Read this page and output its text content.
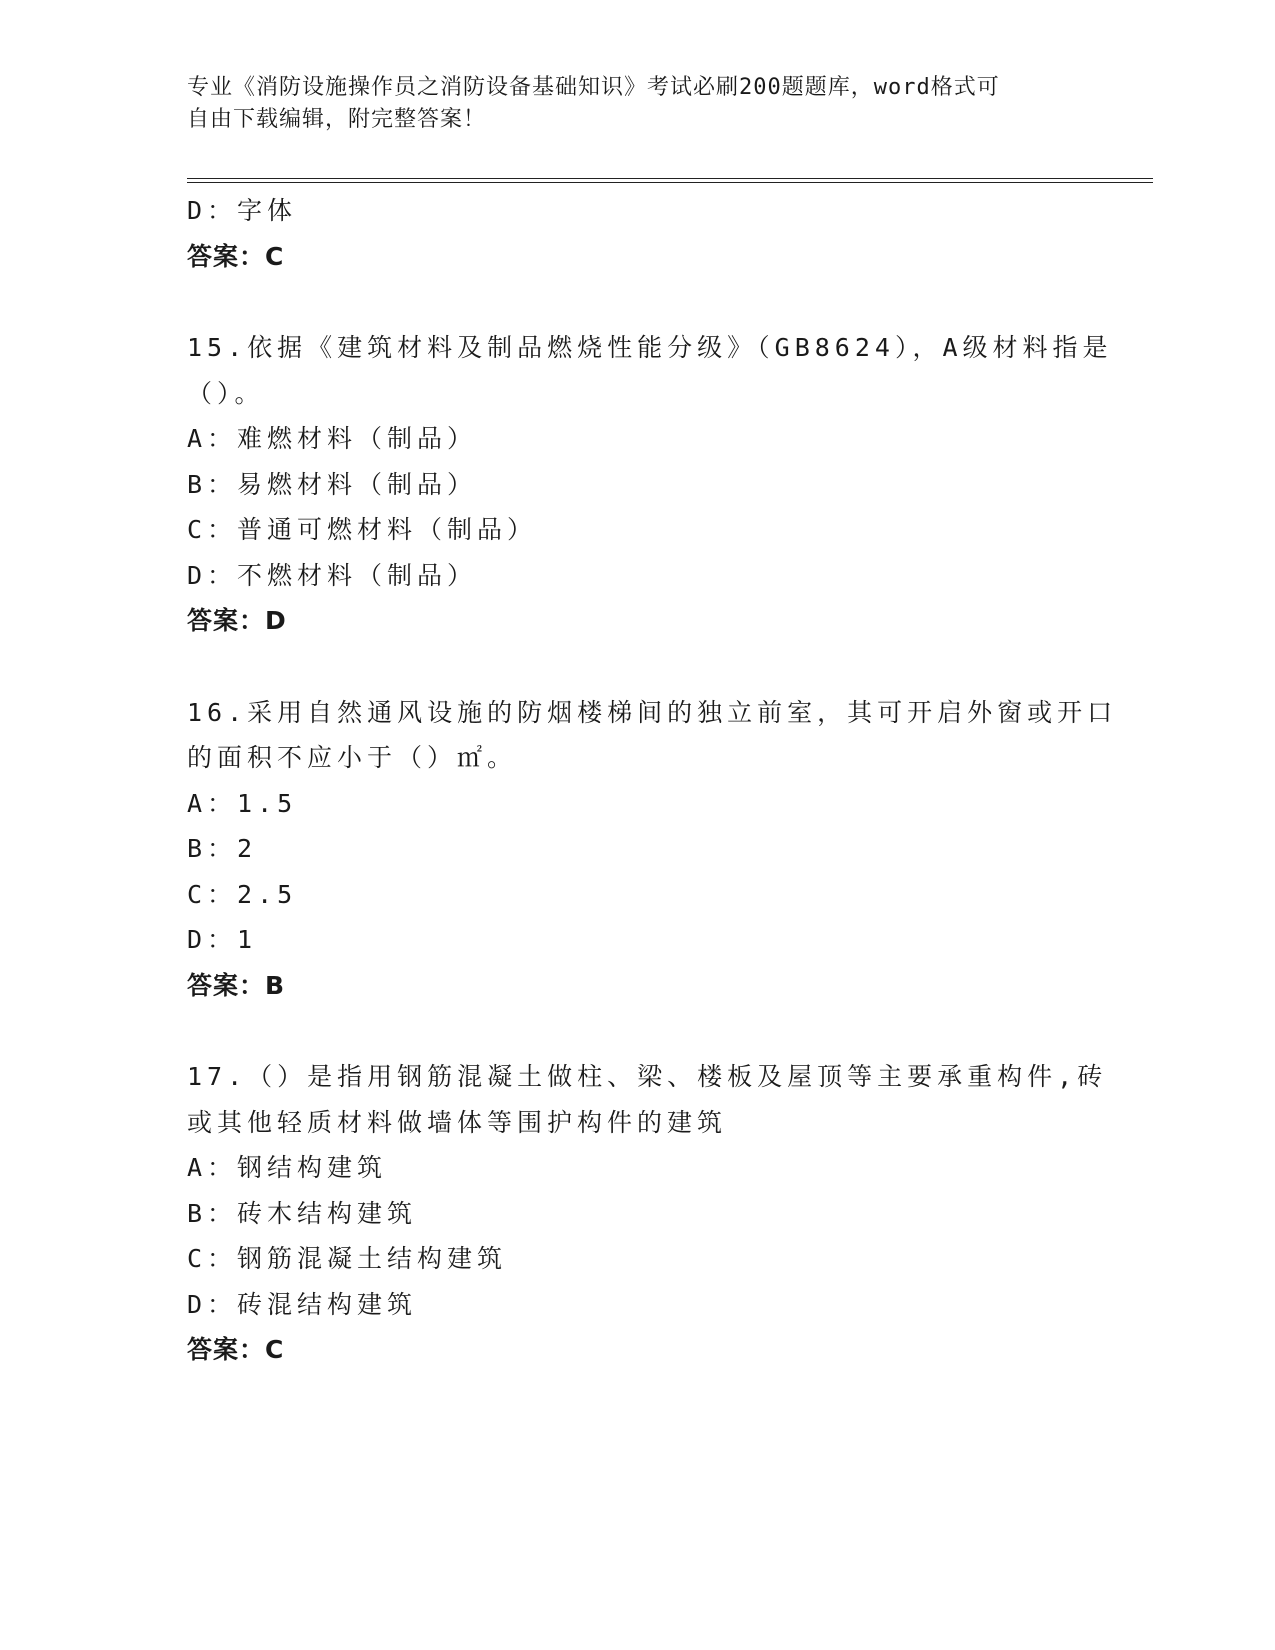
专业《消防设施操作员之消防设备基础知识》考试必刷200题题库，word格式可
自由下载编辑，附完整答案！
D：字体
答案：C
15.依据《建筑材料及制品燃烧性能分级》（GB8624），A级材料指是
（）。
A：难燃材料（制品）
B：易燃材料（制品）
C：普通可燃材料（制品）
D：不燃材料（制品）
答案：D
16.采用自然通风设施的防烟楼梯间的独立前室，其可开启外窗或开口
的面积不应小于（）㎡。
A：1.5
B：2
C：2.5
D：1
答案：B
17.（）是指用钢筋混凝土做柱、梁、楼板及屋顶等主要承重构件,砖
或其他轻质材料做墙体等围护构件的建筑
A：钢结构建筑
B：砖木结构建筑
C：钢筋混凝土结构建筑
D：砖混结构建筑
答案：C
